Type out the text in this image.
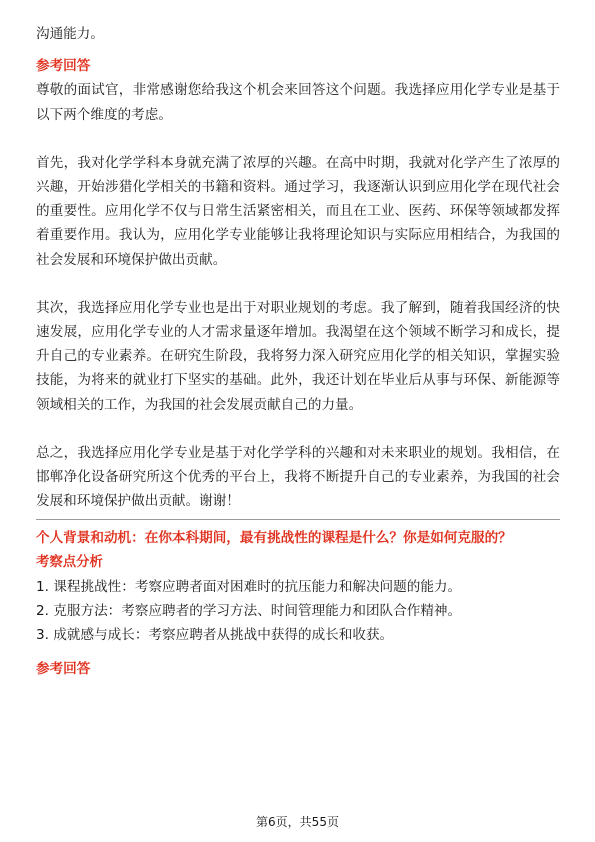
沟通能力。

参考回答

尊敬的面试官，非常感谢您给我这个机会来回答这个问题。我选择应用化学专业是基于以下两个维度的考虑。

首先，我对化学学科本身就充满了浓厚的兴趣。在高中时期，我就对化学产生了浓厚的兴趣，开始涉猎化学相关的书籍和资料。通过学习，我逐渐认识到应用化学在现代社会的重要性。应用化学不仅与日常生活紧密相关，而且在工业、医药、环保等领域都发挥着重要作用。我认为，应用化学专业能够让我将理论知识与实际应用相结合，为我国的社会发展和环境保护做出贡献。

其次，我选择应用化学专业也是出于对职业规划的考虑。我了解到，随着我国经济的快速发展，应用化学专业的人才需求量逐年增加。我渴望在这个领域不断学习和成长，提升自己的专业素养。在研究生阶段，我将努力深入研究应用化学的相关知识，掌握实验技能，为将来的就业打下坚实的基础。此外，我还计划在毕业后从事与环保、新能源等领域相关的工作，为我国的社会发展贡献自己的力量。

总之，我选择应用化学专业是基于对化学学科的兴趣和对未来职业的规划。我相信，在邯郸净化设备研究所这个优秀的平台上，我将不断提升自己的专业素养，为我国的社会发展和环境保护做出贡献。谢谢！

个人背景和动机：在你本科期间，最有挑战性的课程是什么？你是如何克服的？

考察点分析

1. 课程挑战性：考察应聘者面对困难时的抗压能力和解决问题的能力。

2. 克服方法：考察应聘者的学习方法、时间管理能力和团队合作精神。

3. 成就感与成长：考察应聘者从挑战中获得的成长和收获。

参考回答

第6页，共55页
